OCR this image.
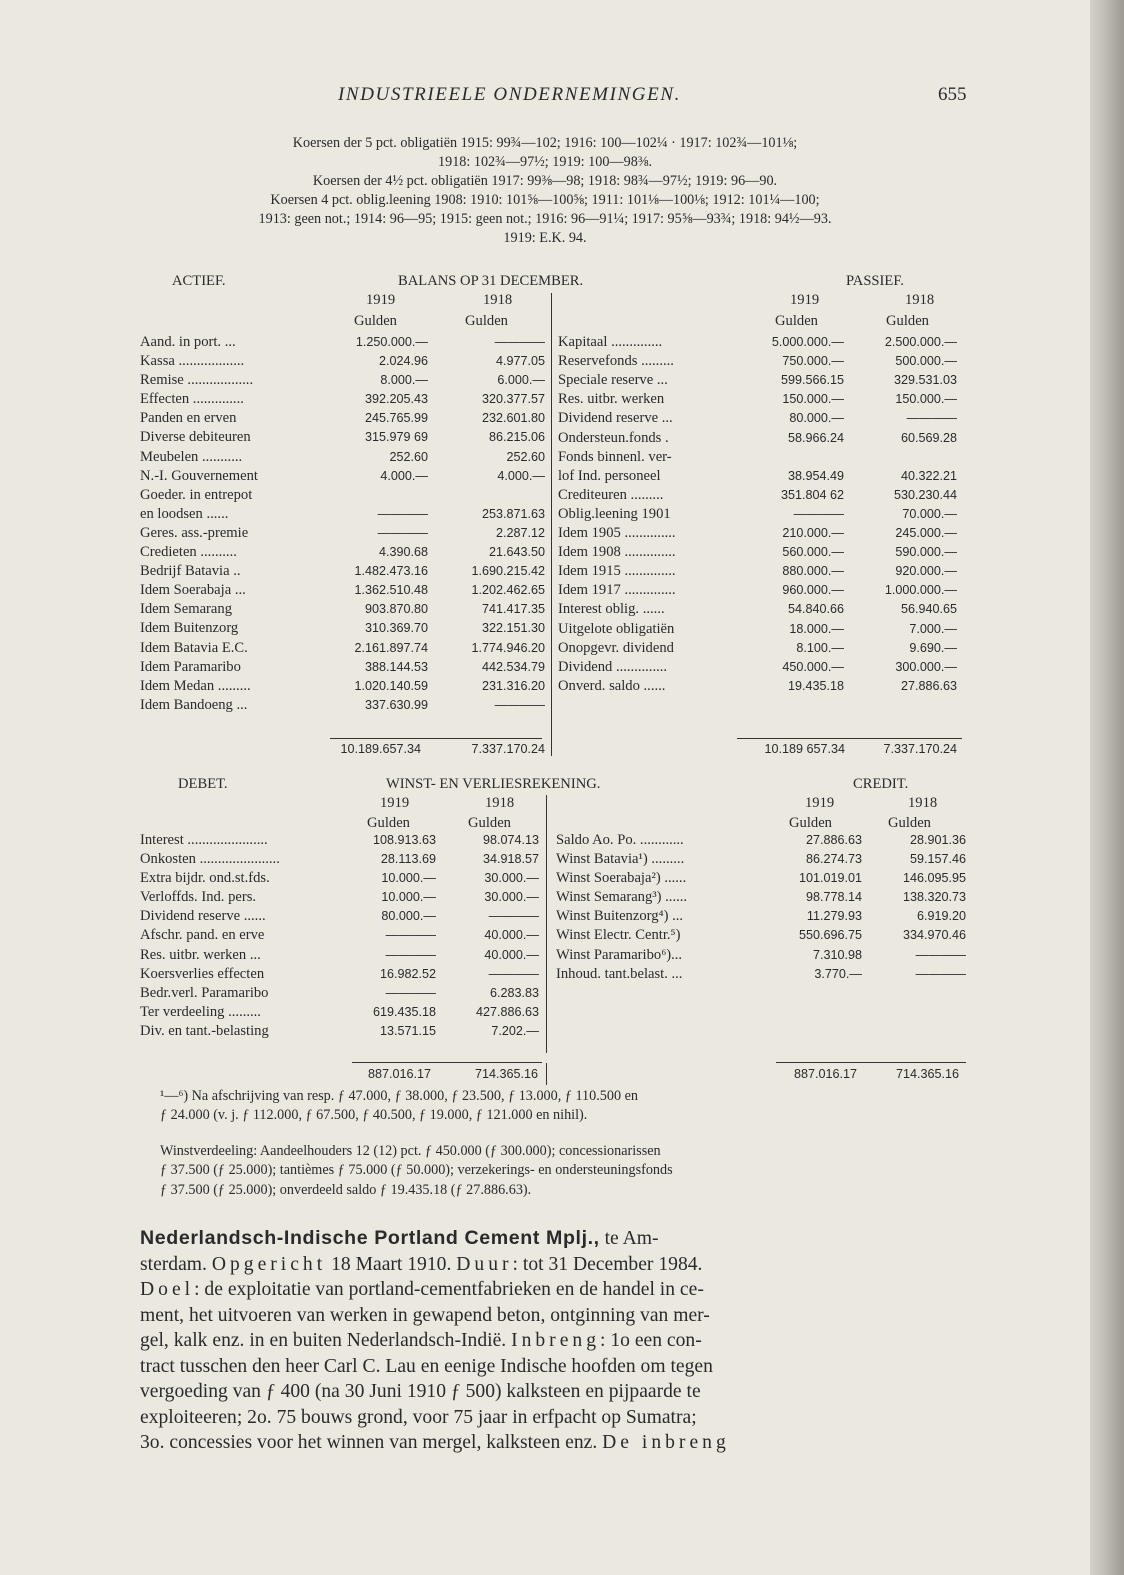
INDUSTRIEELE ONDERNEMINGEN.	655
Koersen der 5 pct. obligatiën 1915: 99¾—102; 1916: 100—102¼ · 1917: 102¾—101⅛;
1918: 102¾—97½; 1919: 100—98⅜.
Koersen der 4½ pct. obligatiën 1917: 99⅜—98; 1918: 98¾—97½; 1919: 96—90.
Koersen 4 pct. oblig.leening 1908: 1910: 101⅝—100⅝; 1911: 101⅛—100⅛; 1912: 101¼—100;
1913: geen not.; 1914: 96—95; 1915: geen not.; 1916: 96—91¼; 1917: 95⅝—93¾; 1918: 94½—93.
1919: E.K. 94.
ACTIEF.	BALANS OP 31 DECEMBER.	PASSIEF.
1919	1918
Gulden	Gulden
1919	1918
Gulden	Gulden
Aand. in port. ...	1.250.000.—	————
Kassa ..................	2.024.96	4.977.05
Remise ..................	8.000.—	6.000.—
Effecten ..............	392.205.43	320.377.57
Panden en erven	245.765.99	232.601.80
Diverse debiteuren	315.979 69	86.215.06
Meubelen ...........	252.60	252.60
N.-I. Gouvernement	4.000.—	4.000.—
Goeder. in entrepot		
en loodsen ......	————	253.871.63
Geres. ass.-premie	————	2.287.12
Credieten ..........	4.390.68	21.643.50
Bedrijf Batavia ..	1.482.473.16	1.690.215.42
Idem Soerabaja ...	1.362.510.48	1.202.462.65
Idem Semarang	903.870.80	741.417.35
Idem Buitenzorg	310.369.70	322.151.30
Idem Batavia E.C.	2.161.897.74	1.774.946.20
Idem Paramaribo	388.144.53	442.534.79
Idem Medan .........	1.020.140.59	231.316.20
Idem Bandoeng ...	337.630.99	————

Kapitaal ..............	5.000.000.—	2.500.000.—
Reservefonds .........	750.000.—	500.000.—
Speciale reserve ...	599.566.15	329.531.03
Res. uitbr. werken	150.000.—	150.000.—
Dividend reserve ...	80.000.—	————
Ondersteun.fonds .	58.966.24	60.569.28
Fonds binnenl. ver-		
lof Ind. personeel	38.954.49	40.322.21
Crediteuren .........	351.804 62	530.230.44
Oblig.leening 1901	————	70.000.—
Idem 1905 ..............	210.000.—	245.000.—
Idem 1908 ..............	560.000.—	590.000.—
Idem 1915 ..............	880.000.—	920.000.—
Idem 1917 ..............	960.000.—	1.000.000.—
Interest oblig. ......	54.840.66	56.940.65
Uitgelote obligatiën	18.000.—	7.000.—
Onopgevr. dividend	8.100.—	9.690.—
Dividend ..............	450.000.—	300.000.—
Onverd. saldo ......	19.435.18	27.886.63
10.189.657.34	7.337.170.24	10.189 657.34	7.337.170.24
DEBET.	WINST- EN VERLIESREKENING.	CREDIT.
1919	1918
Gulden	Gulden
1919	1918
Gulden	Gulden
Interest ......................	108.913.63	98.074.13
Onkosten ......................	28.113.69	34.918.57
Extra bijdr. ond.st.fds.	10.000.—	30.000.—
Verloffds. Ind. pers.	10.000.—	30.000.—
Dividend reserve ......	80.000.—	————
Afschr. pand. en erve	————	40.000.—
Res. uitbr. werken ...	————	40.000.—
Koersverlies effecten	16.982.52	————
Bedr.verl. Paramaribo	————	6.283.83
Ter verdeeling .........	619.435.18	427.886.63
Div. en tant.-belasting	13.571.15	7.202.—
Saldo Ao. Po. ............	27.886.63	28.901.36
Winst Batavia¹) .........	86.274.73	59.157.46
Winst Soerabaja²) ......	101.019.01	146.095.95
Winst Semarang³) ......	98.778.14	138.320.73
Winst Buitenzorg⁴) ...	11.279.93	6.919.20
Winst Electr. Centr.⁵)	550.696.75	334.970.46
Winst Paramaribo⁶)...	7.310.98	————
Inhoud. tant.belast. ...	3.770.—	————
887.016.17	714.365.16	887.016.17	714.365.16

¹—⁶) Na afschrijving van resp. ƒ 47.000, ƒ 38.000, ƒ 23.500, ƒ 13.000, ƒ 110.500 en

ƒ 24.000 (v. j. ƒ 112.000, ƒ 67.500, ƒ 40.500, ƒ 19.000, ƒ 121.000 en nihil).

Winstverdeeling: Aandeelhouders 12 (12) pct. ƒ 450.000 (ƒ 300.000); concessionarissen

ƒ 37.500 (ƒ 25.000); tantièmes ƒ 75.000 (ƒ 50.000); verzekerings- en ondersteuningsfonds

ƒ 37.500 (ƒ 25.000); onverdeeld saldo ƒ 19.435.18 (ƒ 27.886.63).

Nederlandsch-Indische Portland Cement Mplj., te Am-

sterdam. Opgericht 18 Maart 1910. Duur: tot 31 December 1984.

Doel: de exploitatie van portland-cementfabrieken en de handel in ce-

ment, het uitvoeren van werken in gewapend beton, ontginning van mer-

gel, kalk enz. in en buiten Nederlandsch-Indië. Inbreng: 1o een con-

tract tusschen den heer Carl C. Lau en eenige Indische hoofden om tegen

vergoeding van ƒ 400 (na 30 Juni 1910 ƒ 500) kalksteen en pijpaarde te

exploiteeren; 2o. 75 bouws grond, voor 75 jaar in erfpacht op Sumatra;

3o. concessies voor het winnen van mergel, kalksteen enz. De inbreng
